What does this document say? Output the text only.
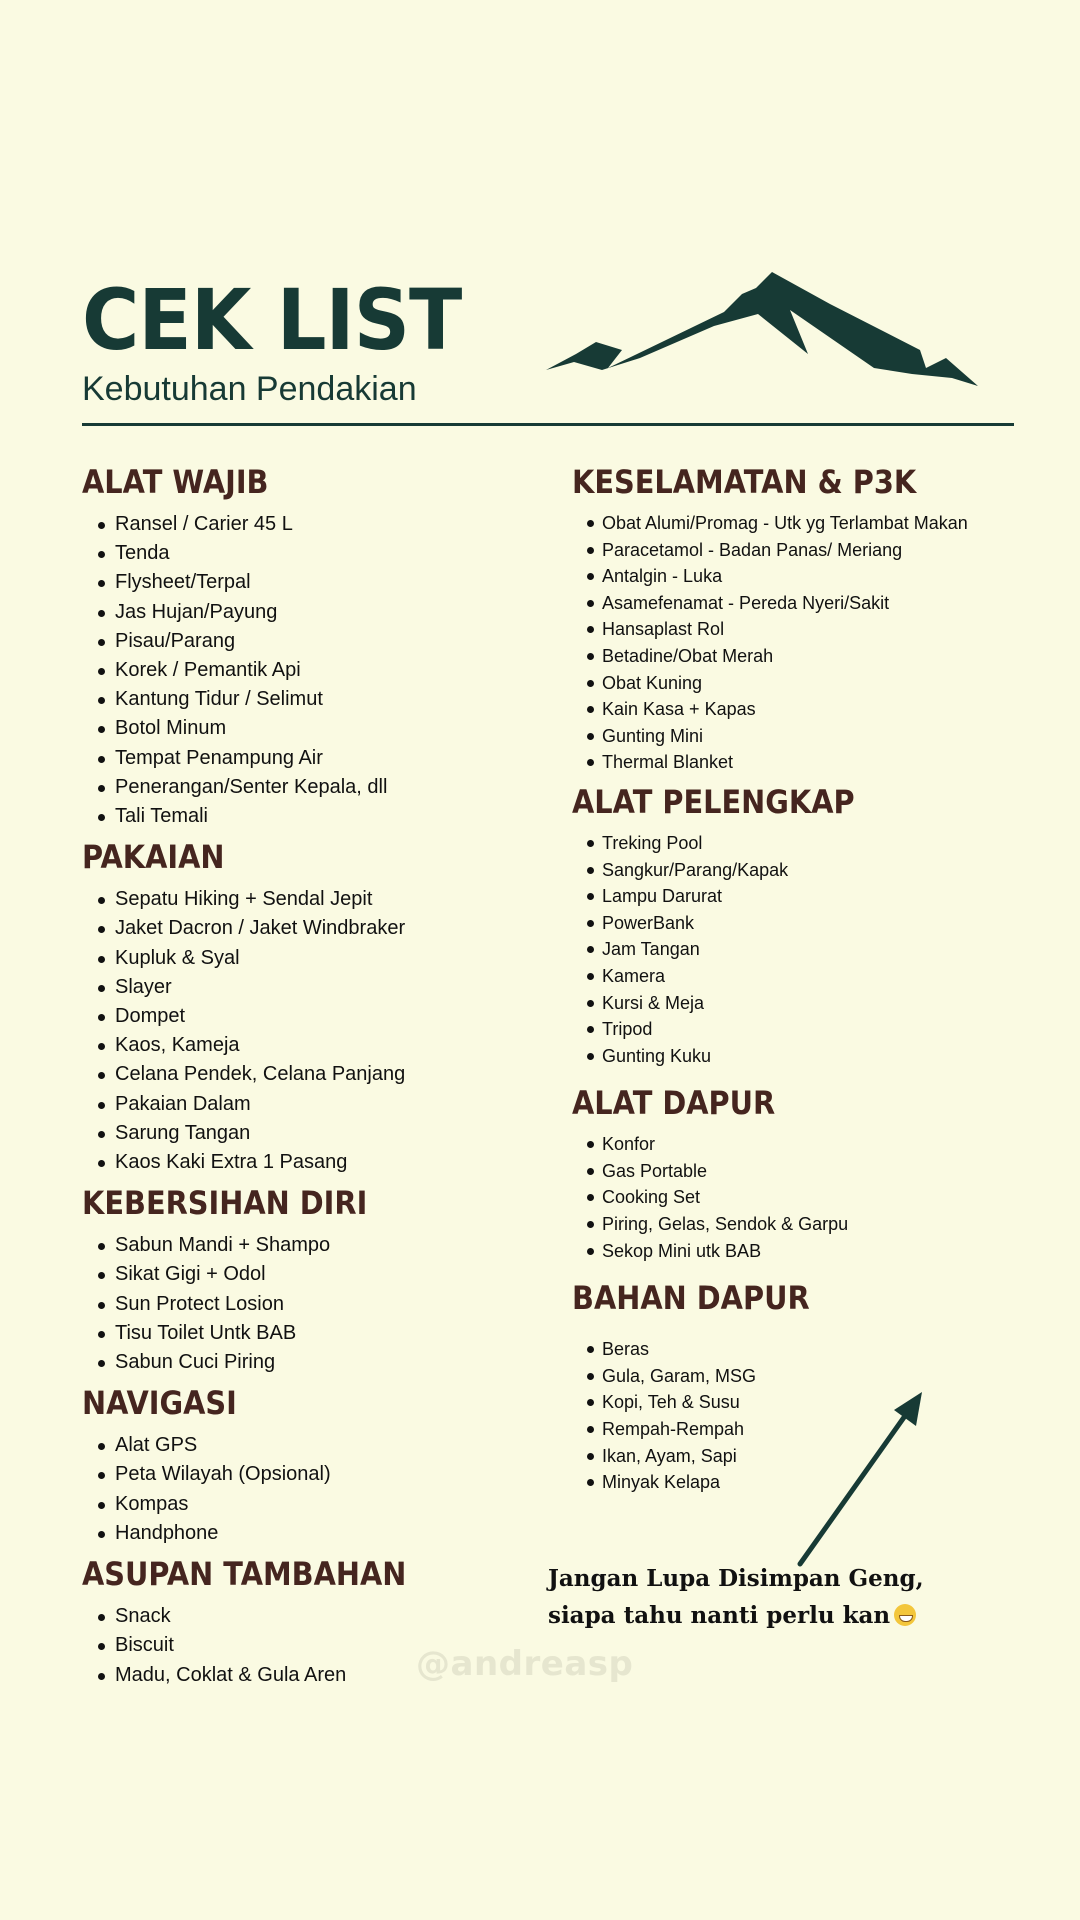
CEK LIST
Kebutuhan Pendakian
ALAT WAJIB
Ransel / Carier 45 L
Tenda
Flysheet/Terpal
Jas Hujan/Payung
Pisau/Parang
Korek / Pemantik Api
Kantung Tidur / Selimut
Botol Minum
Tempat Penampung Air
Penerangan/Senter Kepala, dll
Tali Temali
PAKAIAN
Sepatu Hiking + Sendal Jepit
Jaket Dacron / Jaket Windbraker
Kupluk & Syal
Slayer
Dompet
Kaos, Kameja
Celana Pendek, Celana Panjang
Pakaian Dalam
Sarung Tangan
Kaos Kaki Extra 1 Pasang
KEBERSIHAN DIRI
Sabun Mandi + Shampo
Sikat Gigi + Odol
Sun Protect Losion
Tisu Toilet Untk BAB
Sabun Cuci Piring
NAVIGASI
Alat GPS
Peta Wilayah (Opsional)
Kompas
Handphone
ASUPAN TAMBAHAN
Snack
Biscuit
Madu, Coklat & Gula Aren
KESELAMATAN & P3K
Obat Alumi/Promag - Utk yg Terlambat Makan
Paracetamol - Badan Panas/ Meriang
Antalgin - Luka
Asamefenamat - Pereda Nyeri/Sakit
Hansaplast Rol
Betadine/Obat Merah
Obat Kuning
Kain Kasa + Kapas
Gunting Mini
Thermal Blanket
ALAT PELENGKAP
Treking Pool
Sangkur/Parang/Kapak
Lampu Darurat
PowerBank
Jam Tangan
Kamera
Kursi & Meja
Tripod
Gunting Kuku
ALAT DAPUR
Konfor
Gas Portable
Cooking Set
Piring, Gelas, Sendok & Garpu
Sekop Mini utk BAB
BAHAN DAPUR
Beras
Gula, Garam, MSG
Kopi, Teh & Susu
Rempah-Rempah
Ikan, Ayam, Sapi
Minyak Kelapa
Jangan Lupa Disimpan Geng,
siapa tahu nanti perlu kan
@andreasp
